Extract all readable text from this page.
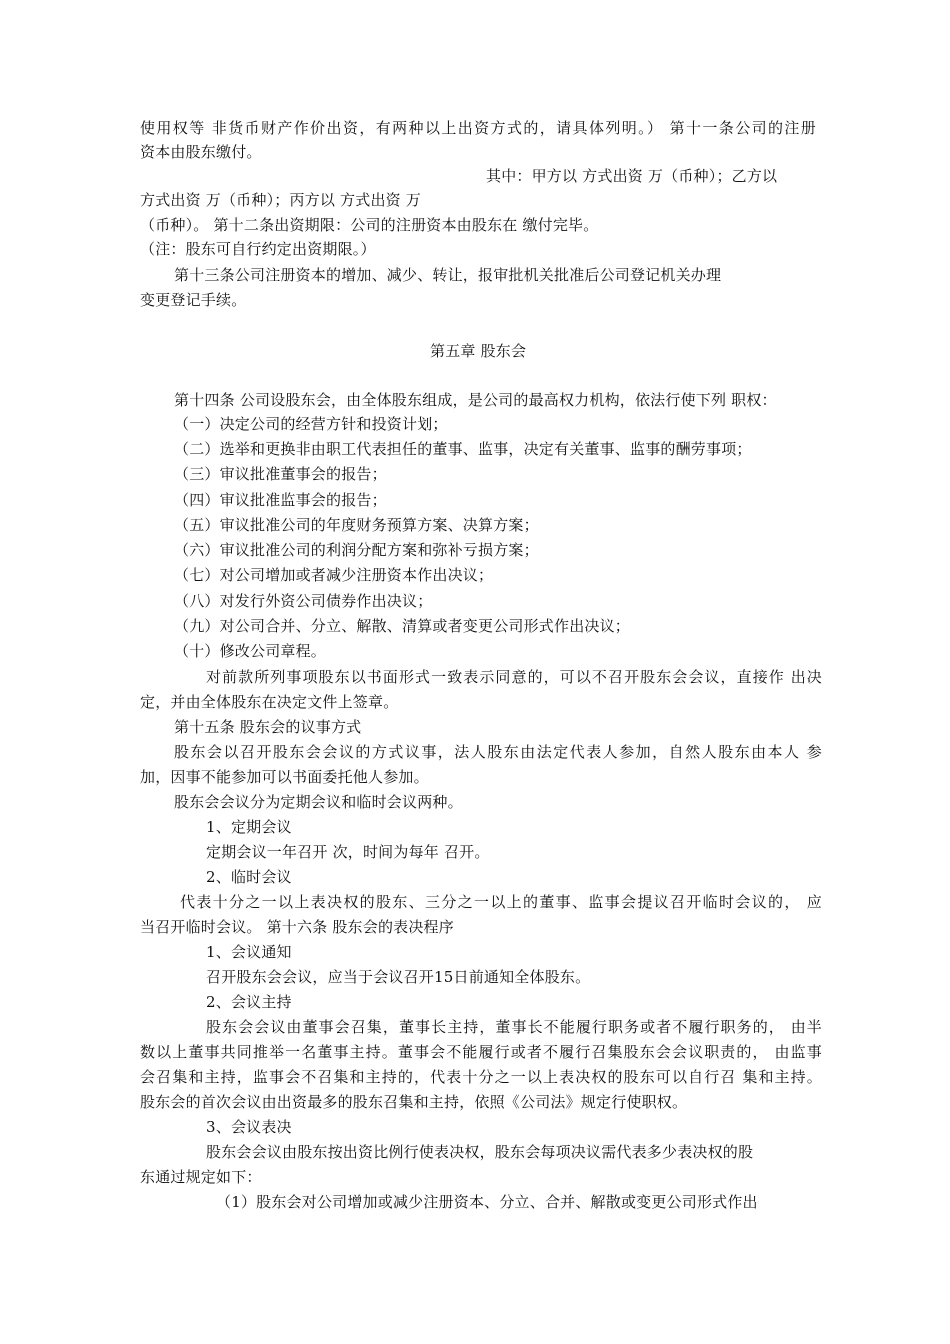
使用权等 非货币财产作价出资，有两种以上出资方式的，请具体列明。） 第十一条公司的注册
资本由股东缴付。
其中：甲方以 方式出资 万（币种）；乙方以
方式出资 万（币种）；丙方以 方式出资 万
（币种）。 第十二条出资期限：公司的注册资本由股东在 缴付完毕。
（注：股东可自行约定出资期限。）
第十三条公司注册资本的增加、减少、转让，报审批机关批准后公司登记机关办理
变更登记手续。
第五章 股东会
第十四条 公司设股东会，由全体股东组成，是公司的最高权力机构，依法行使下列 职权：
（一）决定公司的经营方针和投资计划；
（二）选举和更换非由职工代表担任的董事、监事，决定有关董事、监事的酬劳事项；
（三）审议批准董事会的报告；
（四）审议批准监事会的报告；
（五）审议批准公司的年度财务预算方案、决算方案；
（六）审议批准公司的利润分配方案和弥补亏损方案；
（七）对公司增加或者减少注册资本作出决议；
（八）对发行外资公司债券作出决议；
（九）对公司合并、分立、解散、清算或者变更公司形式作出决议；
（十）修改公司章程。
对前款所列事项股东以书面形式一致表示同意的，可以不召开股东会会议，直接作 出决
定，并由全体股东在决定文件上签章。
第十五条 股东会的议事方式
股东会以召开股东会会议的方式议事，法人股东由法定代表人参加，自然人股东由本人 参
加，因事不能参加可以书面委托他人参加。
股东会会议分为定期会议和临时会议两种。
1、定期会议
定期会议一年召开 次，时间为每年 召开。
2、临时会议
代表十分之一以上表决权的股东、三分之一以上的董事、监事会提议召开临时会议的， 应
当召开临时会议。 第十六条 股东会的表决程序
1、会议通知
召开股东会会议，应当于会议召开15日前通知全体股东。
2、会议主持
股东会会议由董事会召集，董事长主持，董事长不能履行职务或者不履行职务的， 由半
数以上董事共同推举一名董事主持。董事会不能履行或者不履行召集股东会会议职责的， 由监事
会召集和主持，监事会不召集和主持的，代表十分之一以上表决权的股东可以自行召 集和主持。
股东会的首次会议由出资最多的股东召集和主持，依照《公司法》规定行使职权。
3、会议表决
股东会会议由股东按出资比例行使表决权，股东会每项决议需代表多少表决权的股
东通过规定如下：
（1）股东会对公司增加或减少注册资本、分立、合并、解散或变更公司形式作出
